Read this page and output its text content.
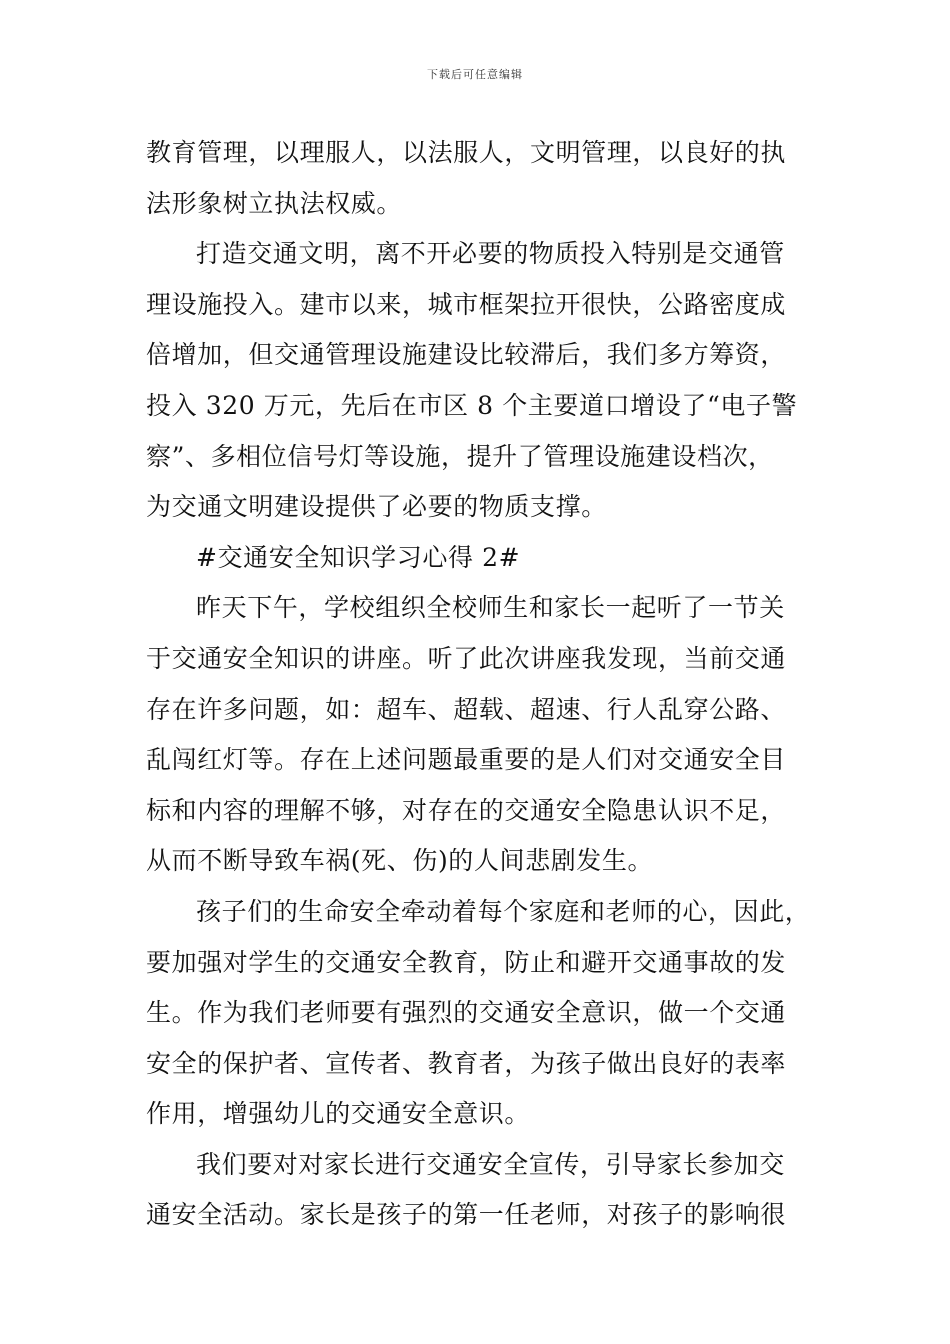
下载后可任意编辑
教育管理，以理服人，以法服人，文明管理，以良好的执
法形象树立执法权威。
打造交通文明，离不开必要的物质投入特别是交通管
理设施投入。建市以来，城市框架拉开很快，公路密度成
倍增加，但交通管理设施建设比较滞后，我们多方筹资，
投入 320 万元，先后在市区 8 个主要道口增设了“电子警
察”、多相位信号灯等设施，提升了管理设施建设档次，
为交通文明建设提供了必要的物质支撑。
#交通安全知识学习心得 2#
昨天下午，学校组织全校师生和家长一起听了一节关
于交通安全知识的讲座。听了此次讲座我发现，当前交通
存在许多问题，如：超车、超载、超速、行人乱穿公路、
乱闯红灯等。存在上述问题最重要的是人们对交通安全目
标和内容的理解不够，对存在的交通安全隐患认识不足，
从而不断导致车祸(死、伤)的人间悲剧发生。
孩子们的生命安全牵动着每个家庭和老师的心，因此，
要加强对学生的交通安全教育，防止和避开交通事故的发
生。作为我们老师要有强烈的交通安全意识，做一个交通
安全的保护者、宣传者、教育者，为孩子做出良好的表率
作用，增强幼儿的交通安全意识。
我们要对对家长进行交通安全宣传，引导家长参加交
通安全活动。家长是孩子的第一任老师，对孩子的影响很
